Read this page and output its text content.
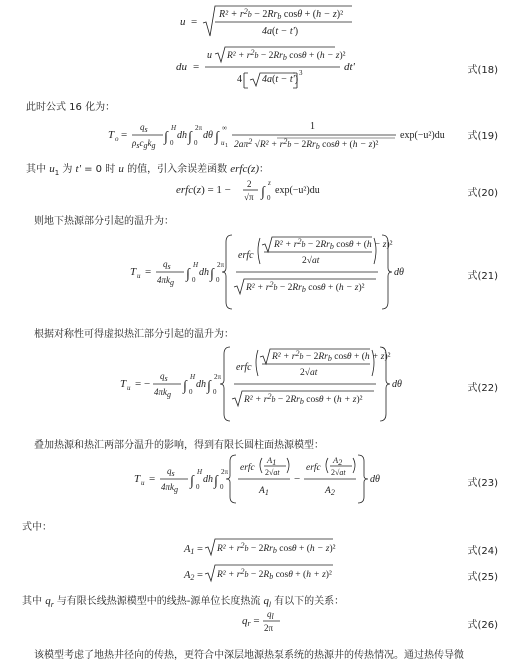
u =
$R^2 + r^2_b - 2Rr_b$ cosθ + (h − z)²
4a(t − t')
du =
u $R^2 + r^2_b - 2Rr_b$ cosθ + (h − z)²
4 4a(t − t')
3	dt'	式(18)
此时公式 16 化为：
T o =
qs
ρscgkg
∫
H
0
dh ∫
2π
0
dθ ∫
∞
u 1
1
$2a\pi^2$ $√R^2 + r^2_b - 2Rr_b$ cosθ + (h − z)²
exp(−u²)du 式(19)
其中 $u_1$ 为 t' = 0 时 u 的值，引入余误差函数 erfc(z)：
erfc(z) = 1 − 2
√π ∫
z
0
exp(−u²)du	式(20)
则地下热源部分引起的温升为：
T u =
qs
4πkg
∫
H
0
dh ∫
2π
0
erfc
$R^2 + r^2_b - 2Rr_b$ cosθ + (h − z)²
2√at
$R^2 + r^2_b - 2Rr_b$ cosθ + (h − z)²
dθ	式(21)
根据对称性可得虚拟热汇部分引起的温升为：
T u = −
qs
4πkg
∫
H
0
dh ∫
2π
0
erfc
$R^2 + r^2_b - 2Rr_b$ cosθ + (h + z)²
2√at
$R^2 + r^2_b - 2Rr_b$ cosθ + (h + z)²
dθ	式(22)
叠加热源和热汇两部分温升的影响，得到有限长圆柱面热源模型：
T u =
qs
4πkg
∫
H
0
dh ∫
2π
0
erfc
A1
2√at
$A_1$
−
erfc
A2
2√at
$A_2$
dθ	式(23)
式中：
$A1 = R^2 + r^2_b - 2Rr_b$ cosθ + (h − z)²	式(24)
$A2 = R^2 + r^2_b - 2R_b$ cosθ + (h + z)²	式(25)
其中 $q_r$ 与有限长线热源模型中的线热-源单位长度热流 $q_l$ 有以下的关系：
qr =
ql
2π	式(26)
该模型考虑了地热井径向的传热，更符合中深层地源热泵系统的热源井的传热情况。通过热传导微
